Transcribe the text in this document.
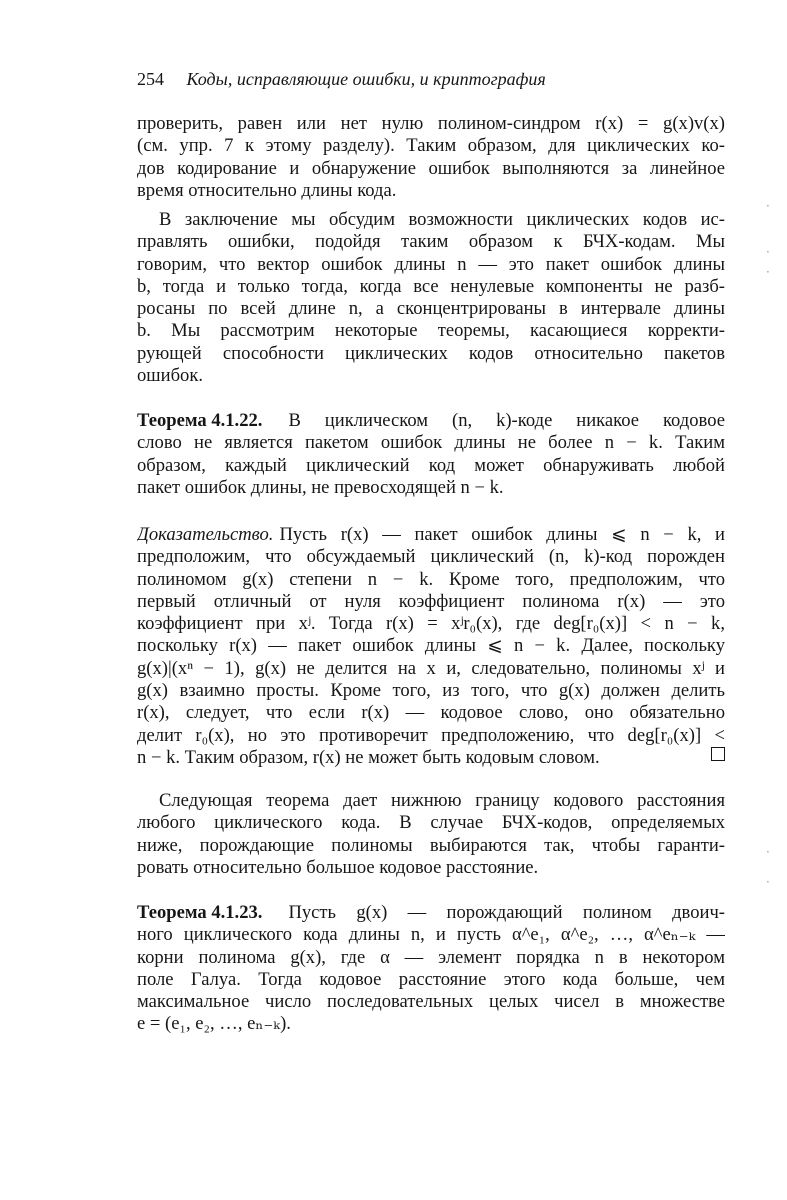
254 Коды, исправляющие ошибки, и криптография
проверить, равен или нет нулю полином-синдром r(x) = g(x)v(x)
(см. упр. 7 к этому разделу). Таким образом, для циклических ко-
дов кодирование и обнаружение ошибок выполняются за линейное
время относительно длины кода.
В заключение мы обсудим возможности циклических кодов ис-
правлять ошибки, подойдя таким образом к БЧХ-кодам. Мы
говорим, что вектор ошибок длины n — это пакет ошибок длины
b, тогда и только тогда, когда все ненулевые компоненты не разб-
росаны по всей длине n, а сконцентрированы в интервале длины
b. Мы рассмотрим некоторые теоремы, касающиеся корректи-
рующей способности циклических кодов относительно пакетов
ошибок.
Теорема 4.1.22. В циклическом (n, k)-коде никакое кодовое
слово не является пакетом ошибок длины не более n − k. Таким
образом, каждый циклический код может обнаруживать любой
пакет ошибок длины, не превосходящей n − k.
Доказательство. Пусть r(x) — пакет ошибок длины ⩽ n − k, и
предположим, что обсуждаемый циклический (n, k)-код порожден
полиномом g(x) степени n − k. Кроме того, предположим, что
первый отличный от нуля коэффициент полинома r(x) — это
коэффициент при xʲ. Тогда r(x) = xʲr₀(x), где deg[r₀(x)] < n − k,
поскольку r(x) — пакет ошибок длины ⩽ n − k. Далее, поскольку
g(x)|(xⁿ − 1), g(x) не делится на x и, следовательно, полиномы xʲ и
g(x) взаимно просты. Кроме того, из того, что g(x) должен делить
r(x), следует, что если r(x) — кодовое слово, оно обязательно
делит r₀(x), но это противоречит предположению, что deg[r₀(x)] <
n − k. Таким образом, r(x) не может быть кодовым словом.
Следующая теорема дает нижнюю границу кодового расстояния
любого циклического кода. В случае БЧХ-кодов, определяемых
ниже, порождающие полиномы выбираются так, чтобы гаранти-
ровать относительно большое кодовое расстояние.
Теорема 4.1.23. Пусть g(x) — порождающий полином двоич-
ного циклического кода длины n, и пусть α^e₁, α^e₂, …, α^eₙ₋ₖ —
корни полинома g(x), где α — элемент порядка n в некотором
поле Галуа. Тогда кодовое расстояние этого кода больше, чем
максимальное число последовательных целых чисел в множестве
e = (e₁, e₂, …, eₙ₋ₖ).
·
·
·
·
·
